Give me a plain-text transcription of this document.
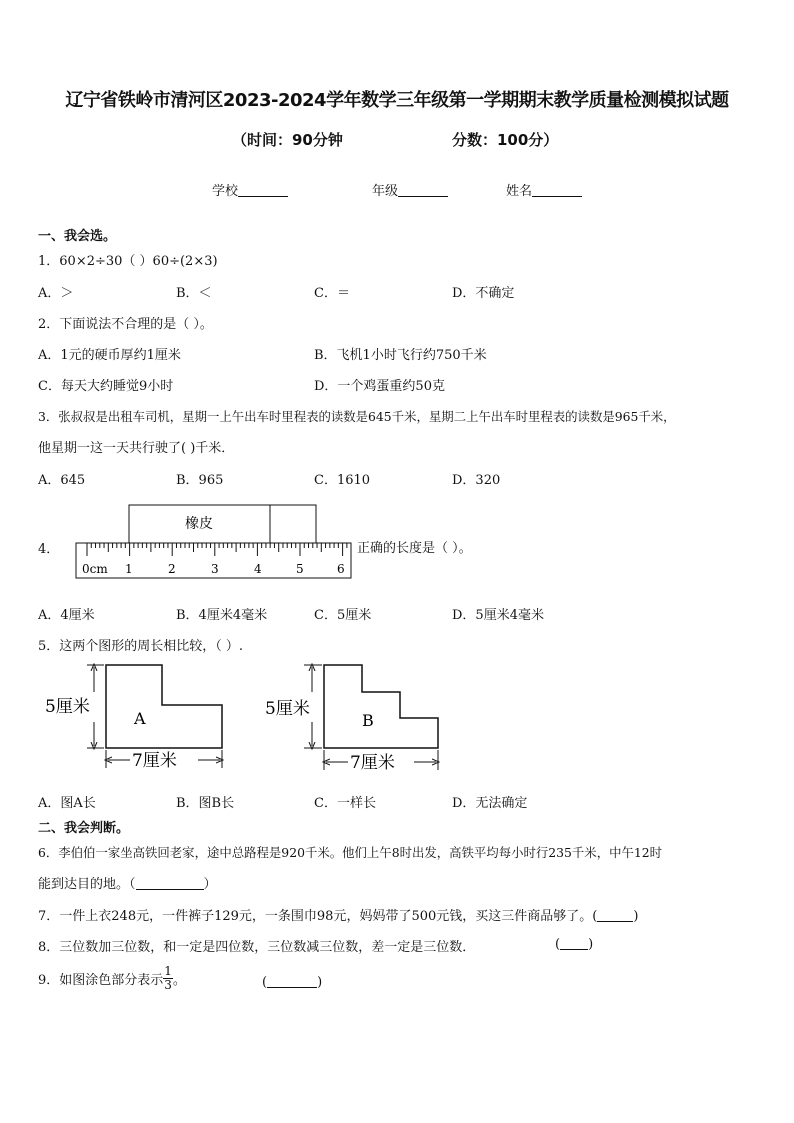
辽宁省铁岭市清河区2023-2024学年数学三年级第一学期期末教学质量检测模拟试题
（时间：90分钟	分数：100分）
学校	年级	姓名
一、我会选。
1．60×2÷30（ ）60÷(2×3)
A．＞	B．＜	C．＝	D．不确定
2．下面说法不合理的是（ ）。
A．1元的硬币厚约1厘米	B．飞机1小时飞行约750千米
C．每天大约睡觉9小时	D．一个鸡蛋重约50克
3．张叔叔是出租车司机，星期一上午出车时里程表的读数是645千米，星期二上午出车时里程表的读数是965千米，
他星期一这一天共行驶了( )千米．
A．645	B．965	C．1610	D．320
4．
橡皮
0cm 1	2	3	4	5	6
正确的长度是（ ）。
A．4厘米	B．4厘米4毫米	C．5厘米	D．5厘米4毫米
5．这两个图形的周长相比较，（ ）.
5厘米
A
7厘米
5厘米
B
7厘米
A．图A长	B．图B长	C．一样长	D．无法确定
二、我会判断。
6．李伯伯一家坐高铁回老家，途中总路程是920千米。他们上午8时出发，高铁平均每小时行235千米，中午12时
能到达目的地。（	）
7．一件上衣248元，一件裤子129元，一条围巾98元，妈妈带了500元钱，买这三件商品够了。(	)
8．三位数加三位数，和一定是四位数，三位数减三位数，差一定是三位数．	( )
9．如图涂色部分表示 $\frac{1}{3}$ 。	(	)
